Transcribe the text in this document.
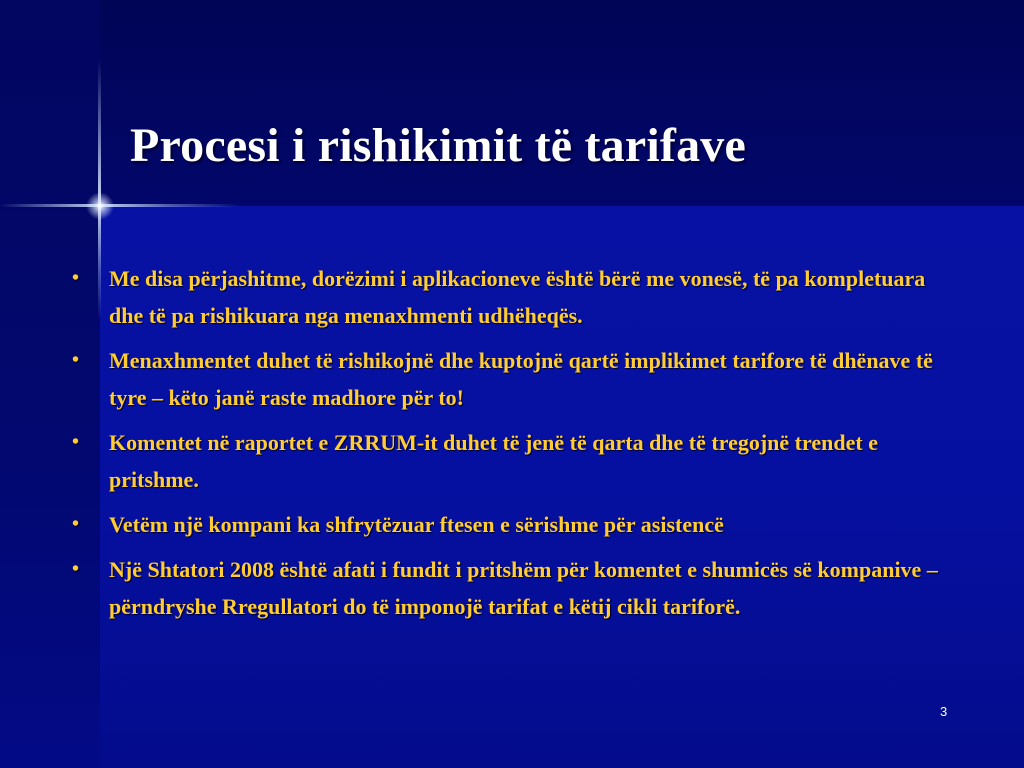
Procesi i rishikimit të tarifave
• Me disa përjashitme, dorëzimi i aplikacioneve është bërë me vonesë, të pa kompletuara dhe të pa rishikuara nga menaxhmenti udhëheqës.
• Menaxhmentet duhet të rishikojnë dhe kuptojnë qartë implikimet tarifore të dhënave të tyre – këto janë raste madhore për to!
• Komentet në raportet e ZRRUM-it duhet të jenë të qarta dhe të tregojnë trendet e pritshme.
• Vetëm një kompani ka shfrytëzuar ftesen e sërishme për asistencë
• Një Shtatori 2008 është afati i fundit i pritshëm për komentet e shumicës së kompanive – përndryshe Rregullatori do të imponojë tarifat e këtij cikli tariforë.
3
